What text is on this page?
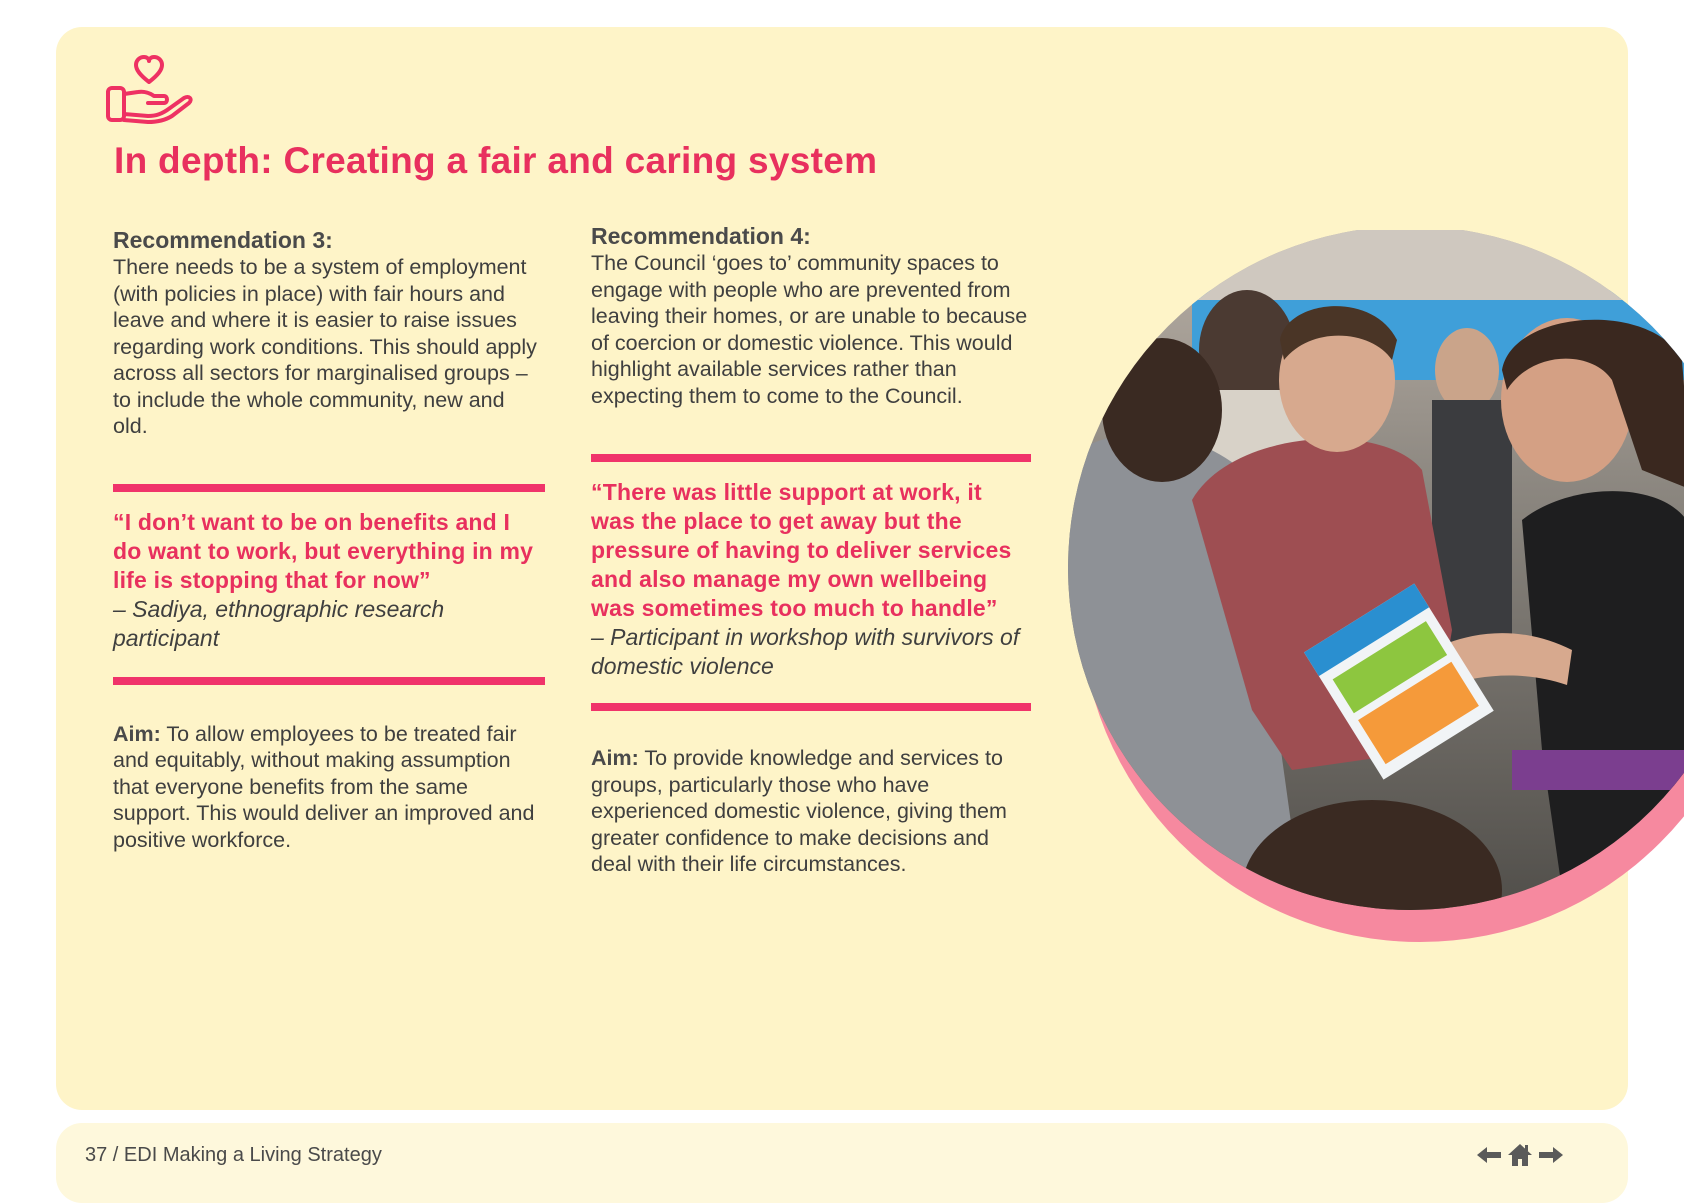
In depth: Creating a fair and caring system
Recommendation 3:
There needs to be a system of employment (with policies in place) with fair hours and leave and where it is easier to raise issues regarding work conditions. This should apply across all sectors for marginalised groups – to include the whole community, new and old.
“I don’t want to be on benefits and I do want to work, but everything in my life is stopping that for now”
– Sadiya, ethnographic research participant
Aim: To allow employees to be treated fair and equitably, without making assumption that everyone benefits from the same support. This would deliver an improved and positive workforce.
Recommendation 4:
The Council ‘goes to’ community spaces to engage with people who are prevented from leaving their homes, or are unable to because of coercion or domestic violence. This would highlight available services rather than expecting them to come to the Council.
“There was little support at work, it was the place to get away but the pressure of having to deliver services and also manage my own wellbeing was sometimes too much to handle”
– Participant in workshop with survivors of domestic violence
Aim: To provide knowledge and services to groups, particularly those who have experienced domestic violence, giving them greater confidence to make decisions and deal with their life circumstances.
37 / EDI Making a Living Strategy
